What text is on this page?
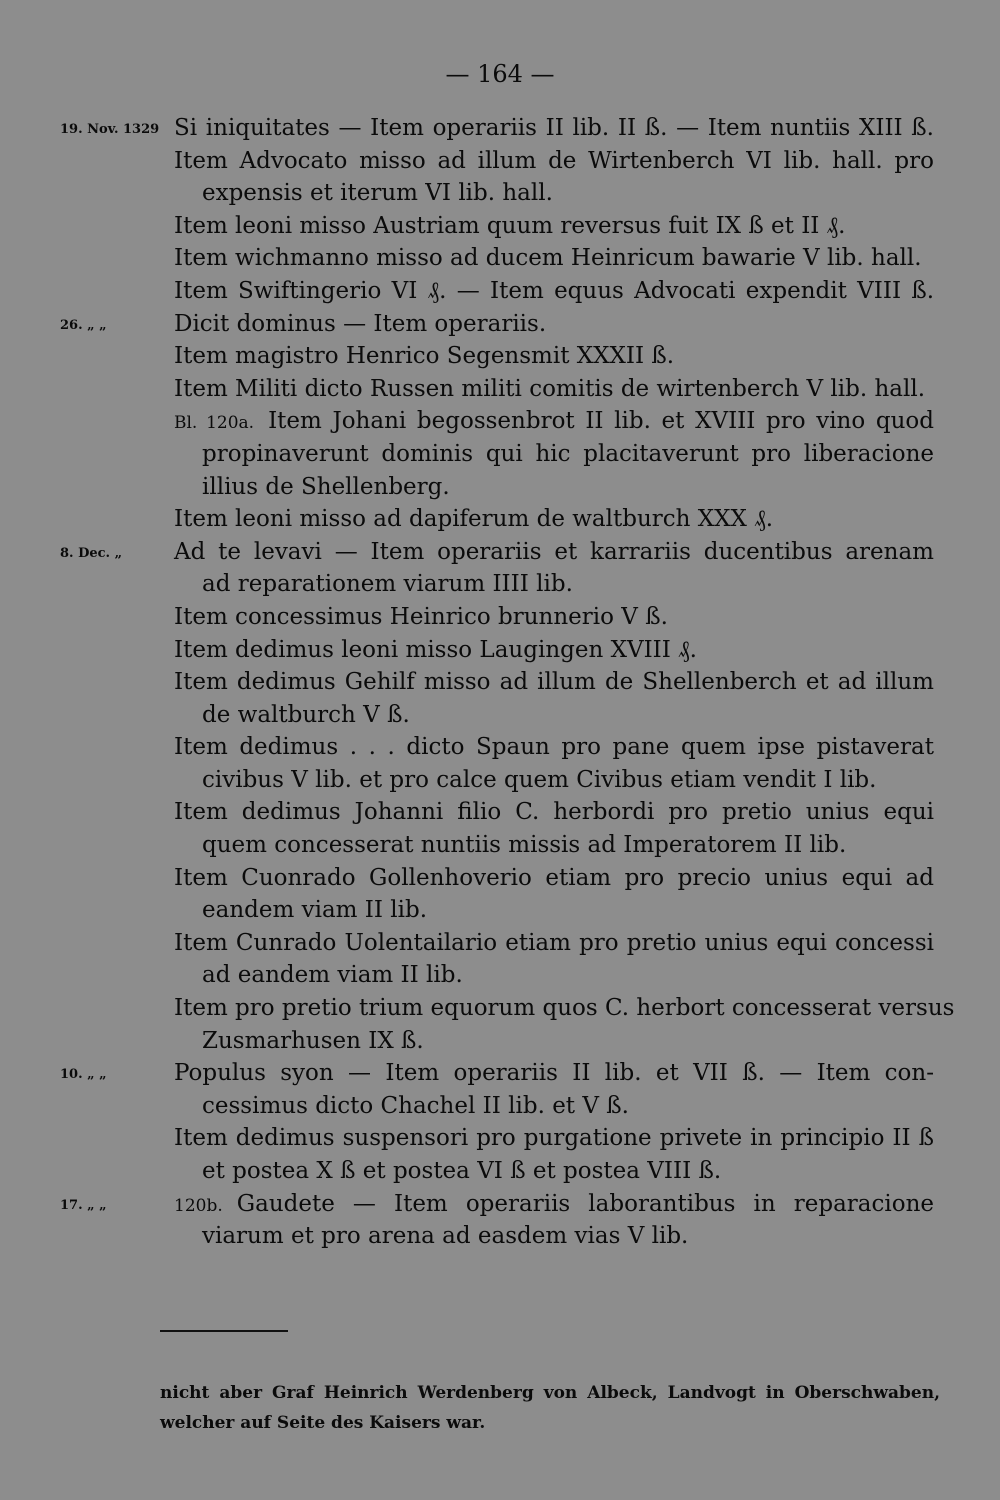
— 164 —
19. Nov. 1329 Si iniquitates — Item operariis II lib. II ß. — Item nuntiis XIII ß.
Item Advocato misso ad illum de Wirtenberch VI lib. hall. pro
expensis et iterum VI lib. hall.
Item leoni misso Austriam quum reversus fuit IX ß et II ₰.
Item wichmanno misso ad ducem Heinricum bawarie V lib. hall.
Item Swiftingerio VI ₰. — Item equus Advocati expendit VIII ß.
26. „ „	Dicit dominus — Item operariis.
Item magistro Henrico Segensmit XXXII ß.
Item Militi dicto Russen militi comitis de wirtenberch V lib. hall.
Bl. 120a. Item Johani begossenbrot II lib. et XVIII pro vino quod
propinaverunt dominis qui hic placitaverunt pro liberacione
illius de Shellenberg.
Item leoni misso ad dapiferum de waltburch XXX ₰.
8. Dec. „ Ad te levavi — Item operariis et karrariis ducentibus arenam
ad reparationem viarum IIII lib.
Item concessimus Heinrico brunnerio V ß.
Item dedimus leoni misso Laugingen XVIII ₰.
Item dedimus Gehilf misso ad illum de Shellenberch et ad illum
de waltburch V ß.
Item dedimus . . . dicto Spaun pro pane quem ipse pistaverat
civibus V lib. et pro calce quem Civibus etiam vendit I lib.
Item dedimus Johanni filio C. herbordi pro pretio unius equi
quem concesserat nuntiis missis ad Imperatorem II lib.
Item Cuonrado Gollenhoverio etiam pro precio unius equi ad
eandem viam II lib.
Item Cunrado Uolentailario etiam pro pretio unius equi concessi
ad eandem viam II lib.
Item pro pretio trium equorum quos C. herbort concesserat versus
Zusmarhusen IX ß.
10. „ „	Populus syon — Item operariis II lib. et VII ß. — Item con-
cessimus dicto Chachel II lib. et V ß.
Item dedimus suspensori pro purgatione privete in principio II ß
et postea X ß et postea VI ß et postea VIII ß.
17. „ „	120b. Gaudete — Item operariis laborantibus in reparacione
viarum et pro arena ad easdem vias V lib.
nicht aber Graf Heinrich Werdenberg von Albeck, Landvogt in Oberschwaben,
welcher auf Seite des Kaisers war.
